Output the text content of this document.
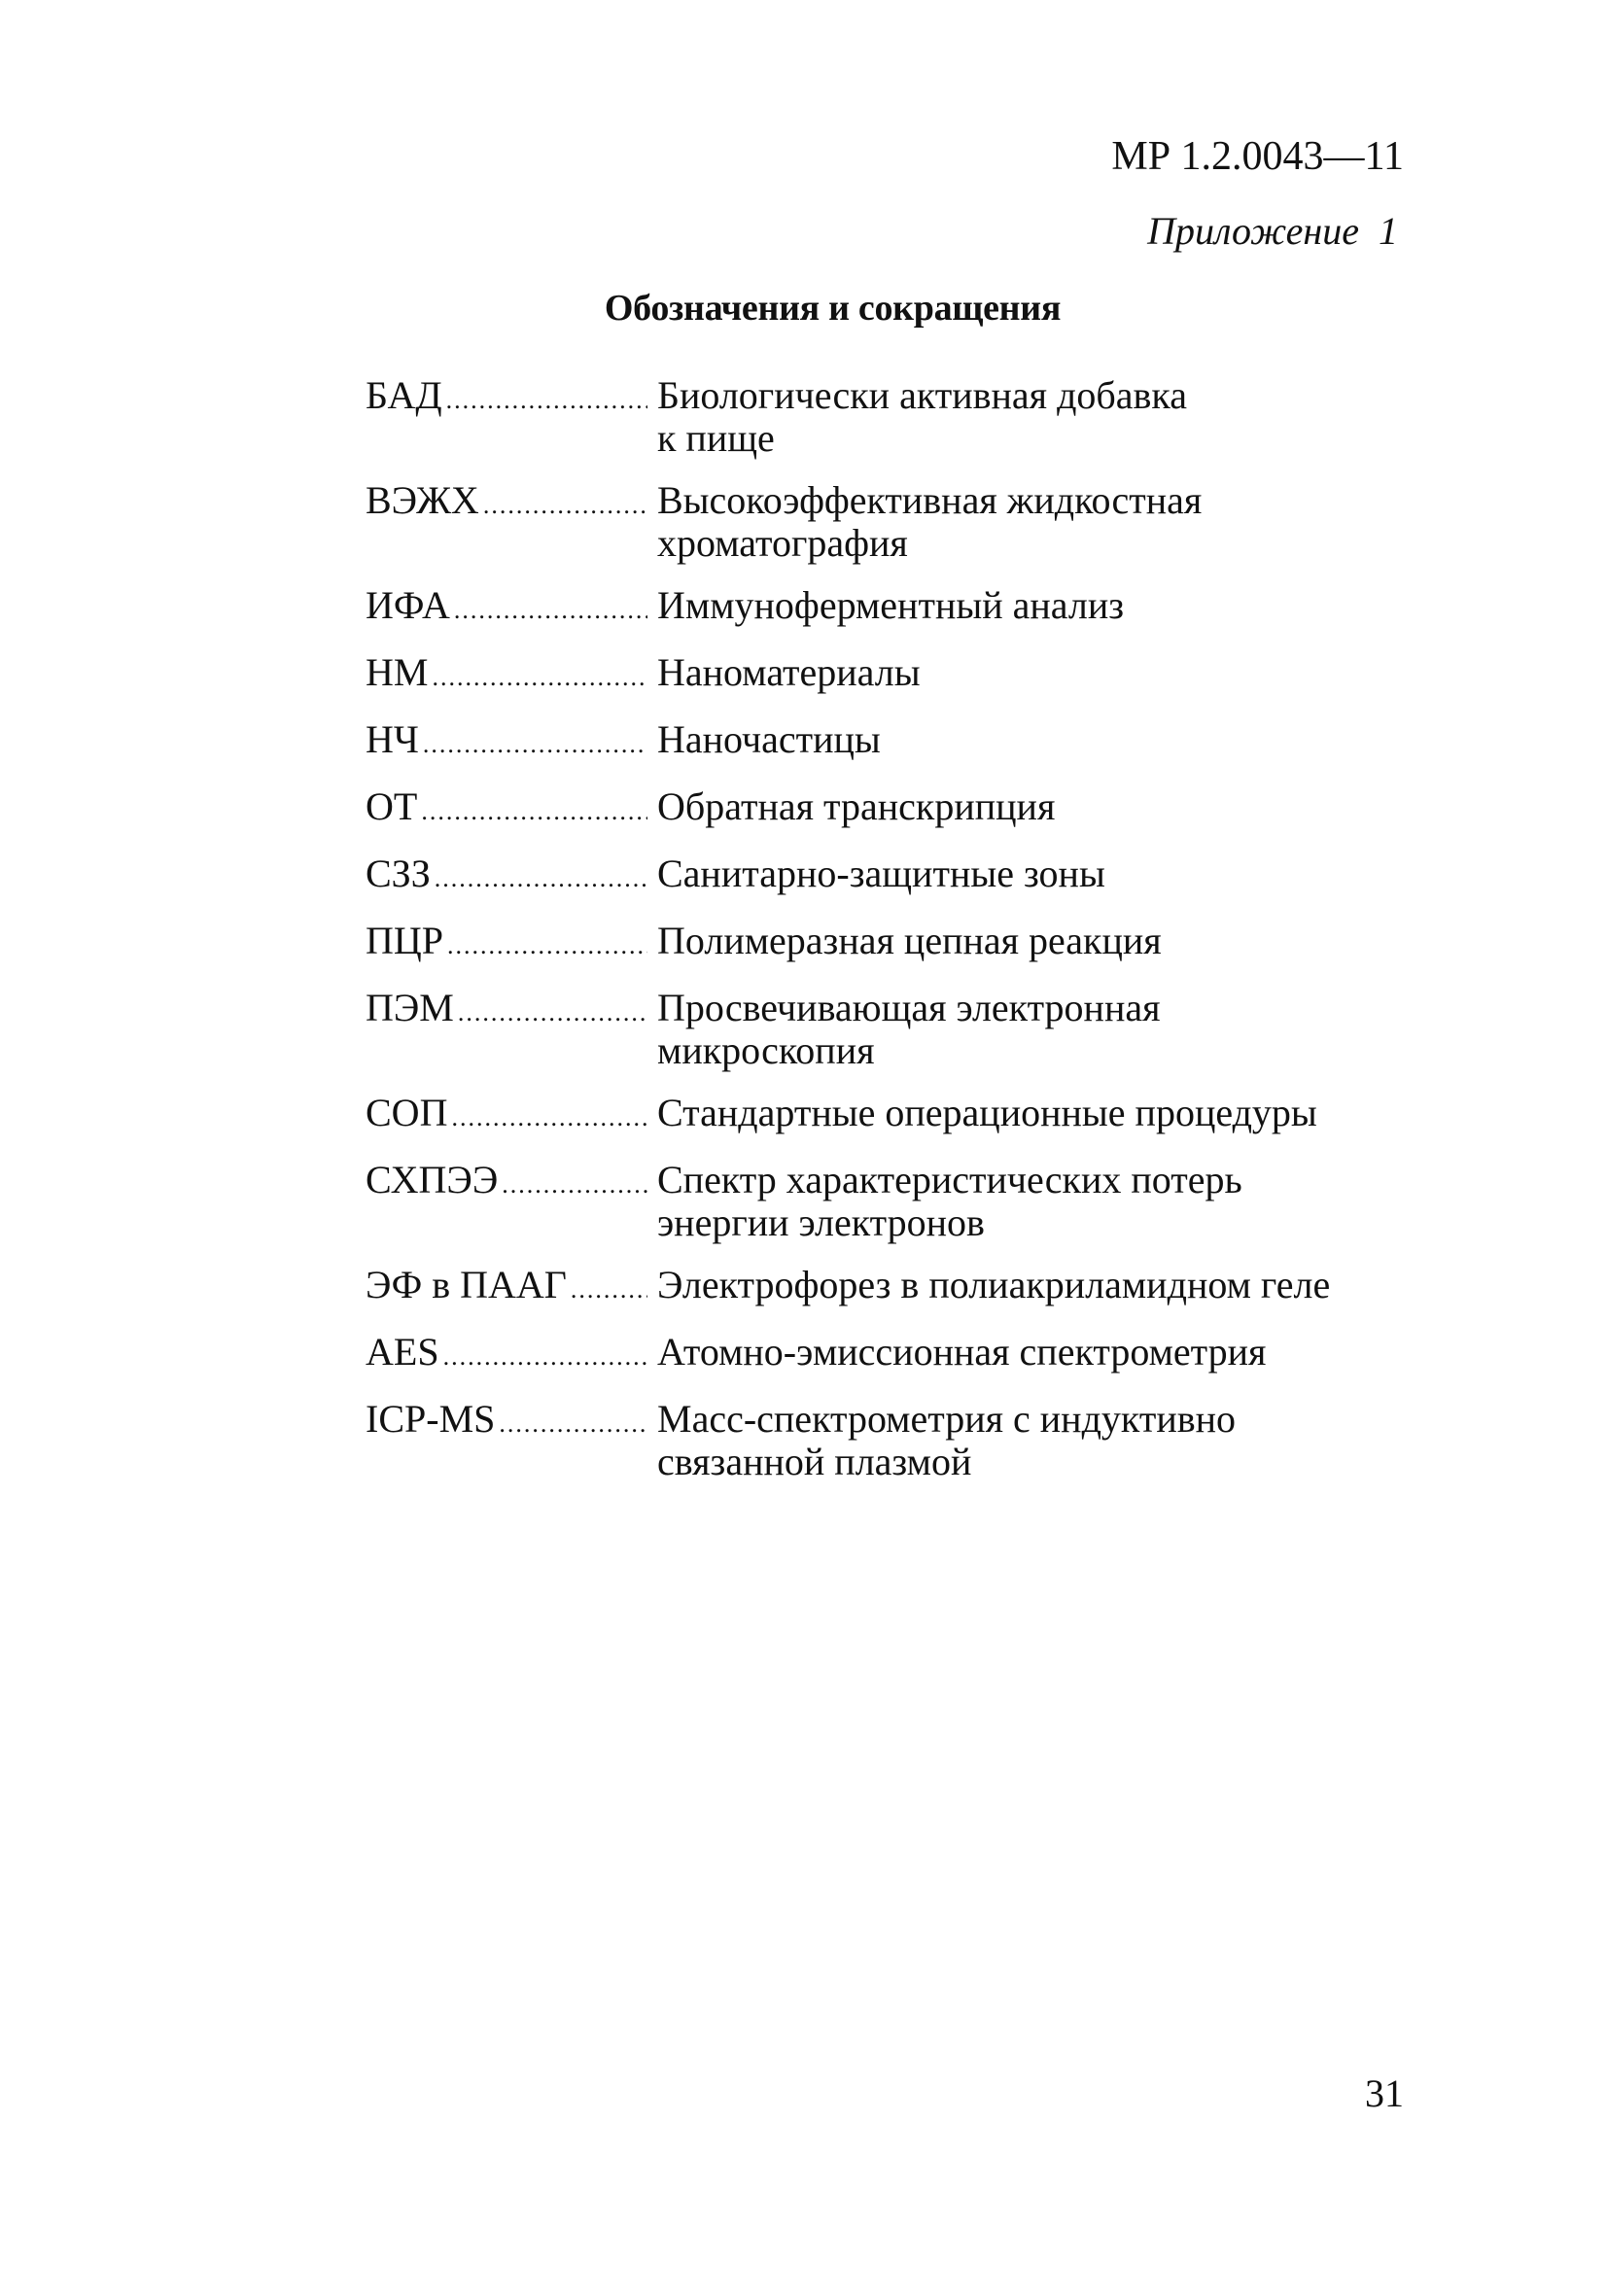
МР 1.2.0043—11
Приложение  1
Обозначения и сокращения
БАД .....	Биологически активная добавка к пище
ВЭЖХ .....	Высокоэффективная жидкостная хроматография
ИФА .....	Иммуноферментный анализ
НМ .....	Наноматериалы
НЧ .....	Наночастицы
ОТ .....	Обратная транскрипция
СЗЗ .....	Санитарно-защитные зоны
ПЦР .....	Полимеразная цепная реакция
ПЭМ .....	Просвечивающая электронная микроскопия
СОП .....	Стандартные операционные процедуры
СХПЭЭ .....	Спектр характеристических потерь энергии электронов
ЭФ в ПААГ ..... Электрофорез в полиакриламидном геле
AES .....	Атомно-эмиссионная спектрометрия
ICP-MS .....	Масс-спектрометрия с индуктивно связанной плазмой
31
